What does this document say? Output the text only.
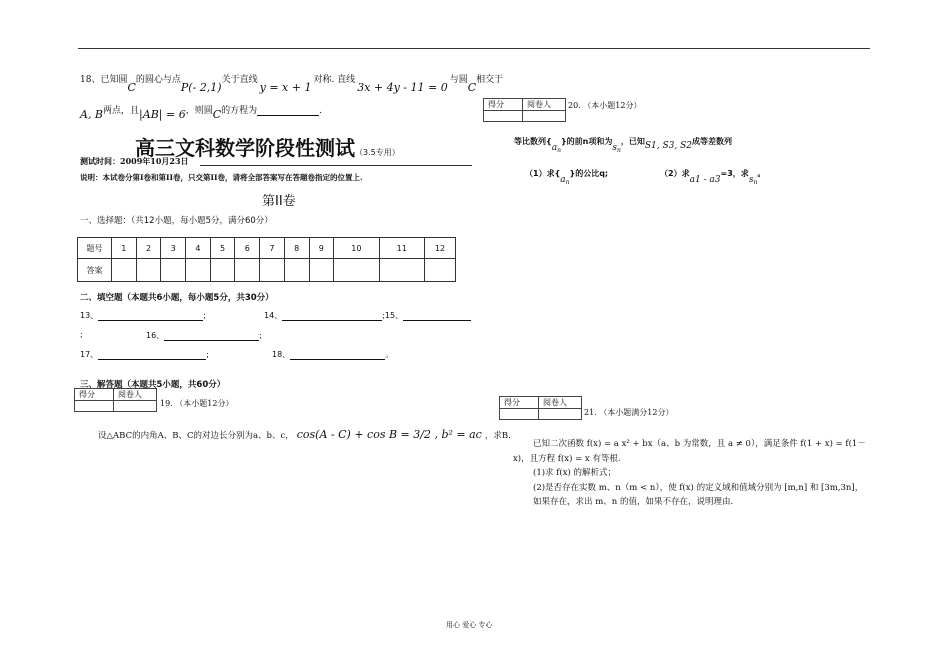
18、已知圆C的圆心与点P(- 2,1)关于直线y = x + 1对称. 直线3x + 4y - 11 = 0与圆C相交于
A, B两点，且|AB| = 6，则圆C的方程为	.
高三文科数学阶段性测试（3.5专用）
测试时间：2009年10月23日
说明：本试卷分第I卷和第II卷，只交第II卷，请将全部答案写在答题卷指定的位置上.
第II卷
一、选择题：（共12小题，每小题5分，满分60分）
题号	1	2	3	4	5	6	7	8	9	10	11	12
答案												
二、填空题（本题共6小题，每小题5分，共30分）
13、	;	14、	;15、
;	16、	;
17、	;	18、	。
三、解答题（本题共5小题，共60分）
得分	阅卷人

19. （本小题12分）
设△ABC的内角A、B、C的对边长分别为a、b、c， cos(A - C) + cos B = 3/2 , b² = ac ，求B.
得分	阅卷人
	20. （本小题12分）
等比数列$\{a_n\}$的前n项和为$s_n$，已知S1, S3, S2成等差数列
（1）求$\{a_n\}$的公比q;	（2）求a1 - a3=3，求$s_n$。
得分	阅卷人

21. （本小题满分12分）
已知二次函数 f(x) = a x² + bx（a、b 为常数，且 a ≠ 0），满足条件 f(1 + x) = f(1－
x)，且方程 f(x) = x 有等根.
(1)求 f(x) 的解析式；
(2)是否存在实数 m、n（m < n），使 f(x) 的定义域和值域分别为 [m,n] 和 [3m,3n]，
如果存在，求出 m、n 的值，如果不存在，说明理由.
用心 爱心 专心
